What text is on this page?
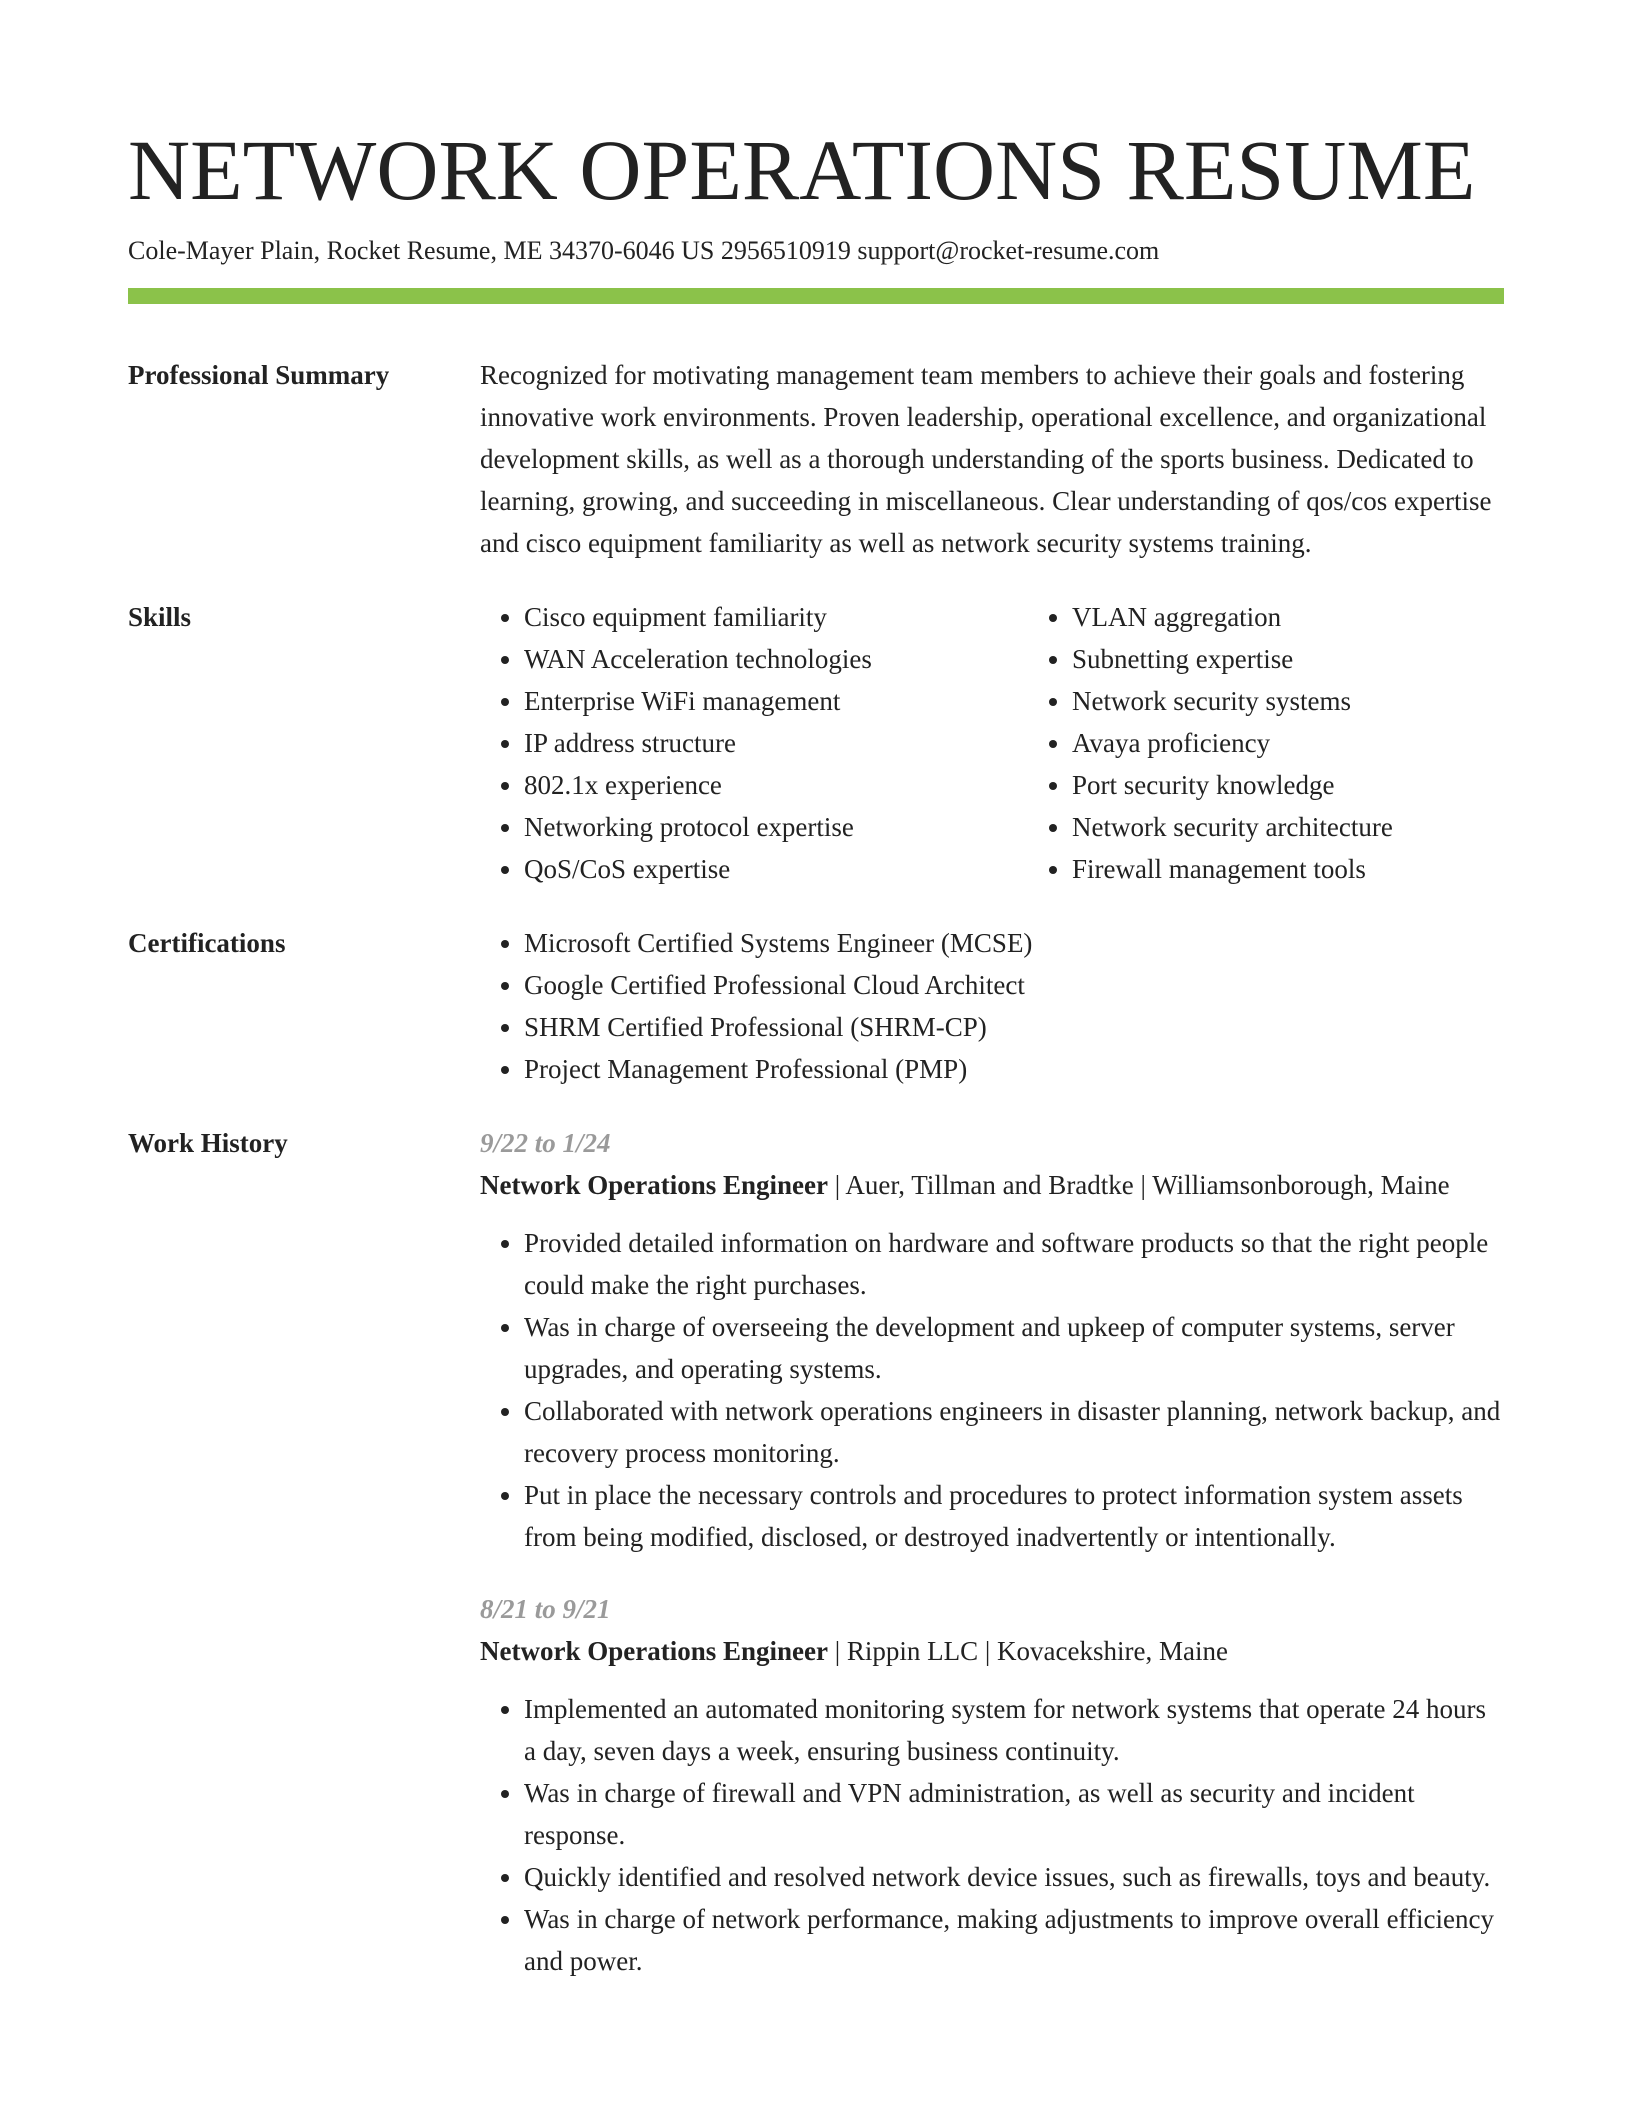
NETWORK OPERATIONS RESUME
Cole-Mayer Plain, Rocket Resume, ME 34370-6046 US 2956510919 support@rocket-resume.com
Professional Summary	Recognized for motivating management team members to achieve their goals and fostering innovative work environments. Proven leadership, operational excellence, and organizational development skills, as well as a thorough understanding of the sports business. Dedicated to learning, growing, and succeeding in miscellaneous. Clear understanding of qos/cos expertise and cisco equipment familiarity as well as network security systems training.
Skills	• Cisco equipment familiarity
• WAN Acceleration technologies
• Enterprise WiFi management
• IP address structure
• 802.1x experience
• Networking protocol expertise
• QoS/CoS expertise
• VLAN aggregation
• Subnetting expertise
• Network security systems
• Avaya proficiency
• Port security knowledge
• Network security architecture
• Firewall management tools
Certifications	• Microsoft Certified Systems Engineer (MCSE)
• Google Certified Professional Cloud Architect
• SHRM Certified Professional (SHRM-CP)
• Project Management Professional (PMP)
Work History	9/22 to 1/24
Network Operations Engineer | Auer, Tillman and Bradtke | Williamsonborough, Maine
• Provided detailed information on hardware and software products so that the right people could make the right purchases.
• Was in charge of overseeing the development and upkeep of computer systems, server upgrades, and operating systems.
• Collaborated with network operations engineers in disaster planning, network backup, and recovery process monitoring.
• Put in place the necessary controls and procedures to protect information system assets from being modified, disclosed, or destroyed inadvertently or intentionally.
8/21 to 9/21
Network Operations Engineer | Rippin LLC | Kovacekshire, Maine
• Implemented an automated monitoring system for network systems that operate 24 hours a day, seven days a week, ensuring business continuity.
• Was in charge of firewall and VPN administration, as well as security and incident response.
• Quickly identified and resolved network device issues, such as firewalls, toys and beauty.
• Was in charge of network performance, making adjustments to improve overall efficiency and power.
